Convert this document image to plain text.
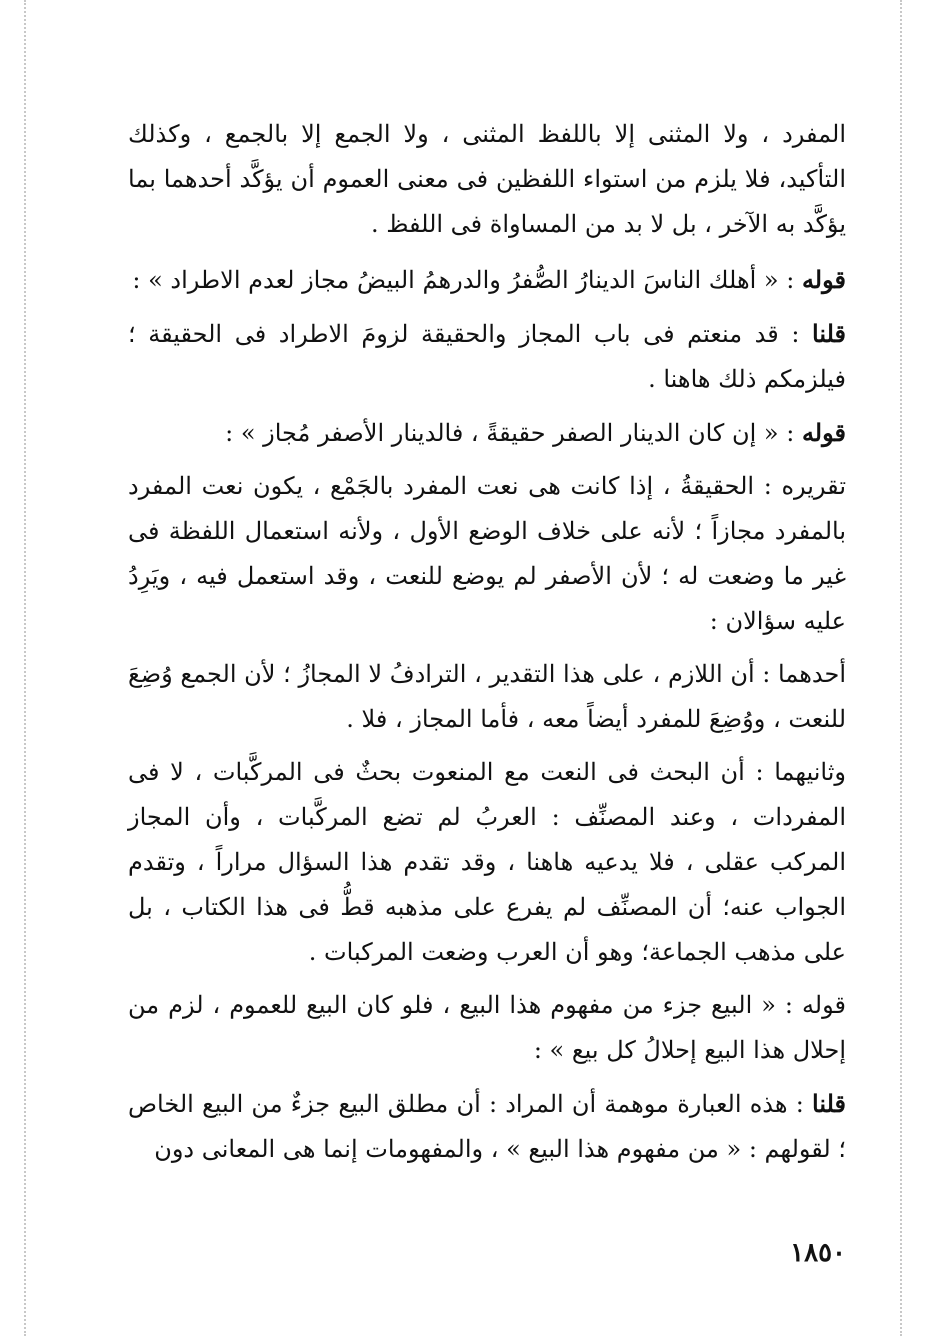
المفرد ، ولا المثنى إلا باللفظ المثنى ، ولا الجمع إلا بالجمع ، وكذلك التأكيد، فلا يلزم من استواء اللفظين فى معنى العموم أن يؤكَّد أحدهما بما يؤكَّد به الآخر ، بل لا بد من المساواة فى اللفظ .

قوله : « أهلك الناسَ الدينارُ الصُّفرُ والدرهمُ البيضُ مجاز لعدم الاطراد » :

قلنا : قد منعتم فى باب المجاز والحقيقة لزومَ الاطراد فى الحقيقة ؛ فيلزمكم ذلك هاهنا .

قوله : « إن كان الدينار الصفر حقيقةً ، فالدينار الأصفر مُجاز » :

تقريره : الحقيقةُ ، إذا كانت هى نعت المفرد بالجَمْع ، يكون نعت المفرد بالمفرد مجازاً ؛ لأنه على خلاف الوضع الأول ، ولأنه استعمال اللفظة فى غير ما وضعت له ؛ لأن الأصفر لم يوضع للنعت ، وقد استعمل فيه ، ويَرِدُ عليه سؤالان :

أحدهما : أن اللازم ، على هذا التقدير ، الترادفُ لا المجازُ ؛ لأن الجمع وُضِعَ للنعت ، ووُضِعَ للمفرد أيضاً معه ، فأما المجاز ، فلا .

وثانيهما : أن البحث فى النعت مع المنعوت بحثٌ فى المركَّبات ، لا فى المفردات ، وعند المصنِّف : العربُ لم تضع المركَّبات ، وأن المجاز المركب عقلى ، فلا يدعيه هاهنا ، وقد تقدم هذا السؤال مراراً ، وتقدم الجواب عنه؛ أن المصنِّف لم يفرع على مذهبه قطُّ فى هذا الكتاب ، بل على مذهب الجماعة؛ وهو أن العرب وضعت المركبات .

قوله : « البيع جزء من مفهوم هذا البيع ، فلو كان البيع للعموم ، لزم من إحلال هذا البيع إحلالُ كل بيع » :

قلنا : هذه العبارة موهمة أن المراد : أن مطلق البيع جزءٌ من البيع الخاص ؛ لقولهم : « من مفهوم هذا البيع » ، والمفهومات إنما هى المعانى دون

١٨٥٠
